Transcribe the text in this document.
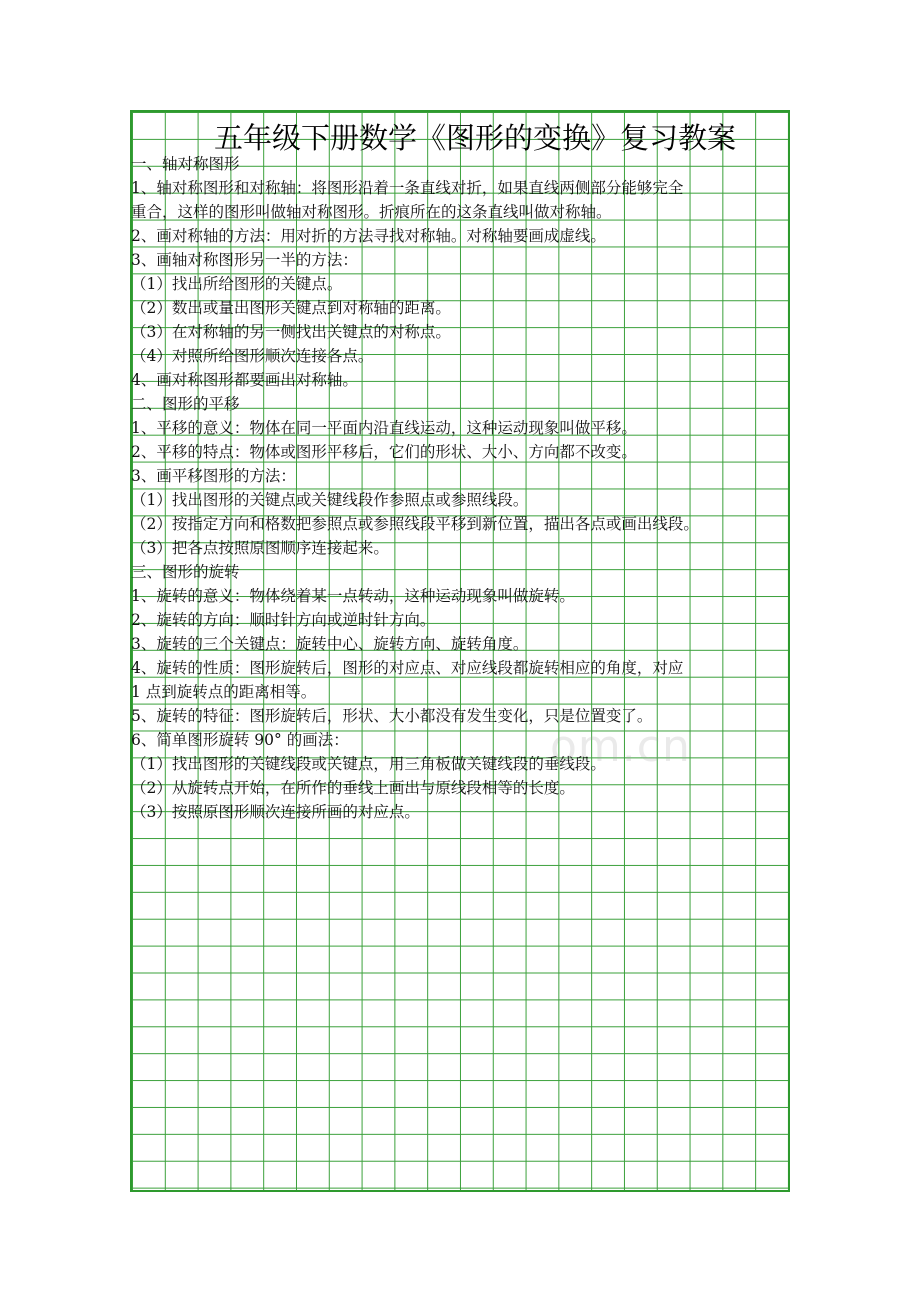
五年级下册数学《图形的变换》复习教案
一、轴对称图形
1、轴对称图形和对称轴：将图形沿着一条直线对折，如果直线两侧部分能够完全
重合，这样的图形叫做轴对称图形。折痕所在的这条直线叫做对称轴。
2、画对称轴的方法：用对折的方法寻找对称轴。对称轴要画成虚线。
3、画轴对称图形另一半的方法：
（1）找出所给图形的关键点。
（2）数出或量出图形关键点到对称轴的距离。
（3）在对称轴的另一侧找出关键点的对称点。
（4）对照所给图形顺次连接各点。
4、画对称图形都要画出对称轴。
二、图形的平移
1、平移的意义：物体在同一平面内沿直线运动，这种运动现象叫做平移。
2、平移的特点：物体或图形平移后，它们的形状、大小、方向都不改变。
3、画平移图形的方法：
（1）找出图形的关键点或关键线段作参照点或参照线段。
（2）按指定方向和格数把参照点或参照线段平移到新位置，描出各点或画出线段。
（3）把各点按照原图顺序连接起来。
三、图形的旋转
1、旋转的意义：物体绕着某一点转动，这种运动现象叫做旋转。
2、旋转的方向：顺时针方向或逆时针方向。
3、旋转的三个关键点：旋转中心、旋转方向、旋转角度。
4、旋转的性质：图形旋转后，图形的对应点、对应线段都旋转相应的角度，对应
1 点到旋转点的距离相等。
5、旋转的特征：图形旋转后，形状、大小都没有发生变化，只是位置变了。
6、简单图形旋转 90° 的画法：
（1）找出图形的关键线段或关键点，用三角板做关键线段的垂线段。
（2）从旋转点开始，在所作的垂线上画出与原线段相等的长度。
（3）按照原图形顺次连接所画的对应点。
om.cn
